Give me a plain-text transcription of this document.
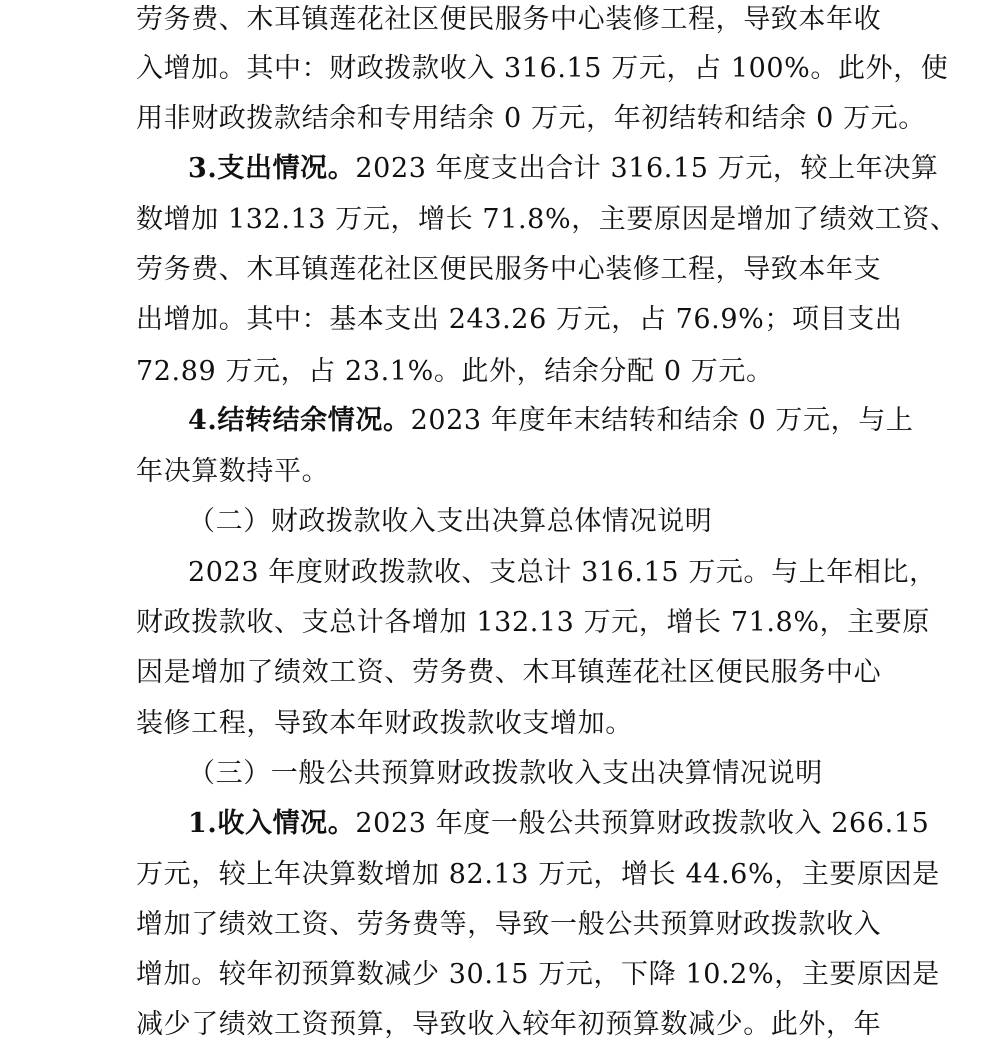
劳务费、木耳镇莲花社区便民服务中心装修工程，导致本年收
入增加。其中：财政拨款收入 316.15 万元，占 100%。此外，使
用非财政拨款结余和专用结余 0 万元，年初结转和结余 0 万元。
3.支出情况。2023 年度支出合计 316.15 万元，较上年决算
数增加 132.13 万元，增长 71.8%，主要原因是增加了绩效工资、
劳务费、木耳镇莲花社区便民服务中心装修工程，导致本年支
出增加。其中：基本支出 243.26 万元，占 76.9%；项目支出
72.89 万元，占 23.1%。此外，结余分配 0 万元。
4.结转结余情况。2023 年度年末结转和结余 0 万元，与上
年决算数持平。
（二）财政拨款收入支出决算总体情况说明
2023 年度财政拨款收、支总计 316.15 万元。与上年相比，
财政拨款收、支总计各增加 132.13 万元，增长 71.8%，主要原
因是增加了绩效工资、劳务费、木耳镇莲花社区便民服务中心
装修工程，导致本年财政拨款收支增加。
（三）一般公共预算财政拨款收入支出决算情况说明
1.收入情况。2023 年度一般公共预算财政拨款收入 266.15
万元，较上年决算数增加 82.13 万元，增长 44.6%，主要原因是
增加了绩效工资、劳务费等，导致一般公共预算财政拨款收入
增加。较年初预算数减少 30.15 万元，下降 10.2%，主要原因是
减少了绩效工资预算，导致收入较年初预算数减少。此外，年
